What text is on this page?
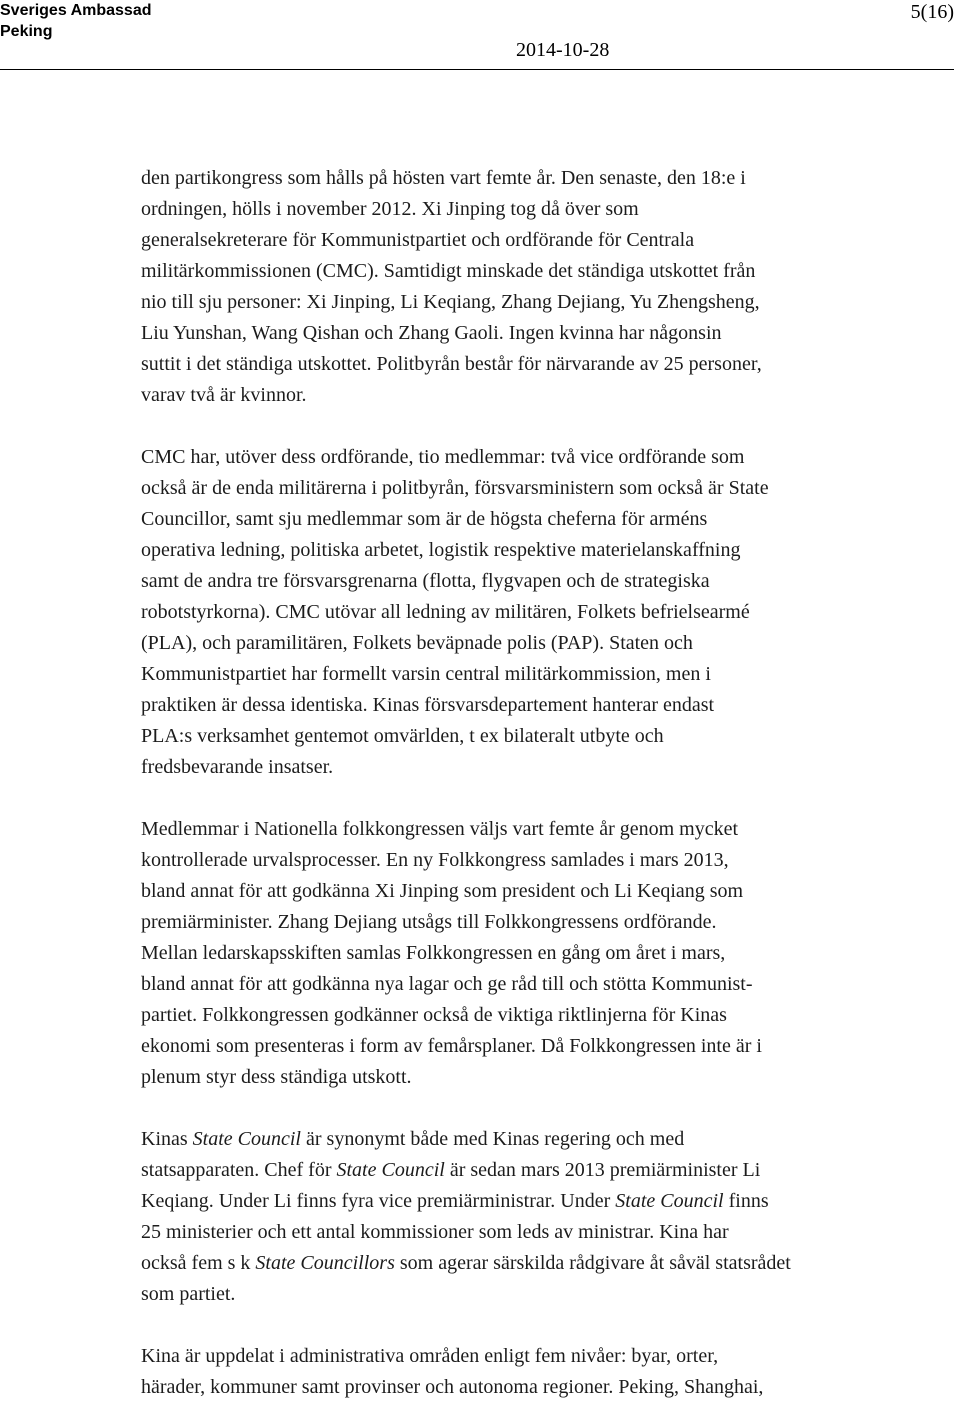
Sveriges Ambassad
Peking
5(16)
2014-10-28
den partikongress som hålls på hösten vart femte år. Den senaste, den 18:e i
ordningen, hölls i november 2012. Xi Jinping tog då över som
generalsekreterare för Kommunistpartiet och ordförande för Centrala
militärkommissionen (CMC). Samtidigt minskade det ständiga utskottet från
nio till sju personer: Xi Jinping, Li Keqiang, Zhang Dejiang, Yu Zhengsheng,
Liu Yunshan, Wang Qishan och Zhang Gaoli. Ingen kvinna har någonsin
suttit i det ständiga utskottet. Politbyrån består för närvarande av 25 personer,
varav två är kvinnor.
CMC har, utöver dess ordförande, tio medlemmar: två vice ordförande som
också är de enda militärerna i politbyrån, försvarsministern som också är State
Councillor, samt sju medlemmar som är de högsta cheferna för arméns
operativa ledning, politiska arbetet, logistik respektive materielanskaffning
samt de andra tre försvarsgrenarna (flotta, flygvapen och de strategiska
robotstyrkorna). CMC utövar all ledning av militären, Folkets befrielsearmé
(PLA), och paramilitären, Folkets beväpnade polis (PAP). Staten och
Kommunistpartiet har formellt varsin central militärkommission, men i
praktiken är dessa identiska. Kinas försvarsdepartement hanterar endast
PLA:s verksamhet gentemot omvärlden, t ex bilateralt utbyte och
fredsbevarande insatser.
Medlemmar i Nationella folkkongressen väljs vart femte år genom mycket
kontrollerade urvalsprocesser. En ny Folkkongress samlades i mars 2013,
bland annat för att godkänna Xi Jinping som president och Li Keqiang som
premiärminister. Zhang Dejiang utsågs till Folkkongressens ordförande.
Mellan ledarskapsskiften samlas Folkkongressen en gång om året i mars,
bland annat för att godkänna nya lagar och ge råd till och stötta Kommunist-
partiet. Folkkongressen godkänner också de viktiga riktlinjerna för Kinas
ekonomi som presenteras i form av femårsplaner. Då Folkkongressen inte är i
plenum styr dess ständiga utskott.
Kinas State Council är synonymt både med Kinas regering och med
statsapparaten. Chef för State Council är sedan mars 2013 premiärminister Li
Keqiang. Under Li finns fyra vice premiärministrar. Under State Council finns
25 ministerier och ett antal kommissioner som leds av ministrar. Kina har
också fem s k State Councillors som agerar särskilda rådgivare åt såväl statsrådet
som partiet.
Kina är uppdelat i administrativa områden enligt fem nivåer: byar, orter,
härader, kommuner samt provinser och autonoma regioner. Peking, Shanghai,
